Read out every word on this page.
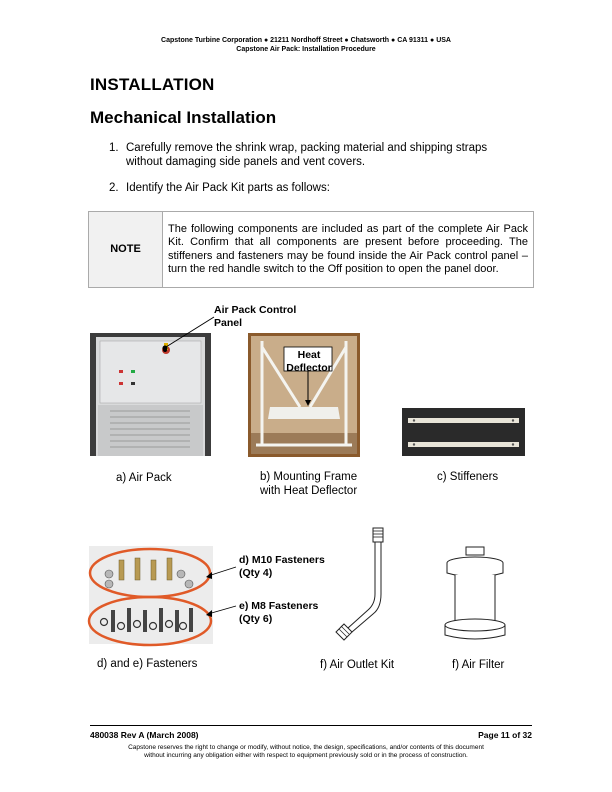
Capstone Turbine Corporation ● 21211 Nordhoff Street ● Chatsworth ● CA 91311 ● USA
Capstone Air Pack: Installation Procedure
INSTALLATION
Mechanical Installation
1. Carefully remove the shrink wrap, packing material and shipping straps
without damaging side panels and vent covers.
2. Identify the Air Pack Kit parts as follows:
NOTE	The following components are included as part of the complete Air Pack Kit. Confirm that all components are present before proceeding. The stiffeners and fasteners may be found inside the Air Pack control panel – turn the red handle switch to the Off position to open the panel door.
Air Pack Control Panel
a) Air Pack
Heat
Deflector
b) Mounting Frame
with Heat Deflector
c) Stiffeners
d) M10 Fasteners
(Qty 4)
e) M8 Fasteners
(Qty 6)
d) and e) Fasteners	f) Air Outlet Kit	f) Air Filter
480038 Rev A (March 2008)	Page 11 of 32
Capstone reserves the right to change or modify, without notice, the design, specifications, and/or contents of this document
without incurring any obligation either with respect to equipment previously sold or in the process of construction.
